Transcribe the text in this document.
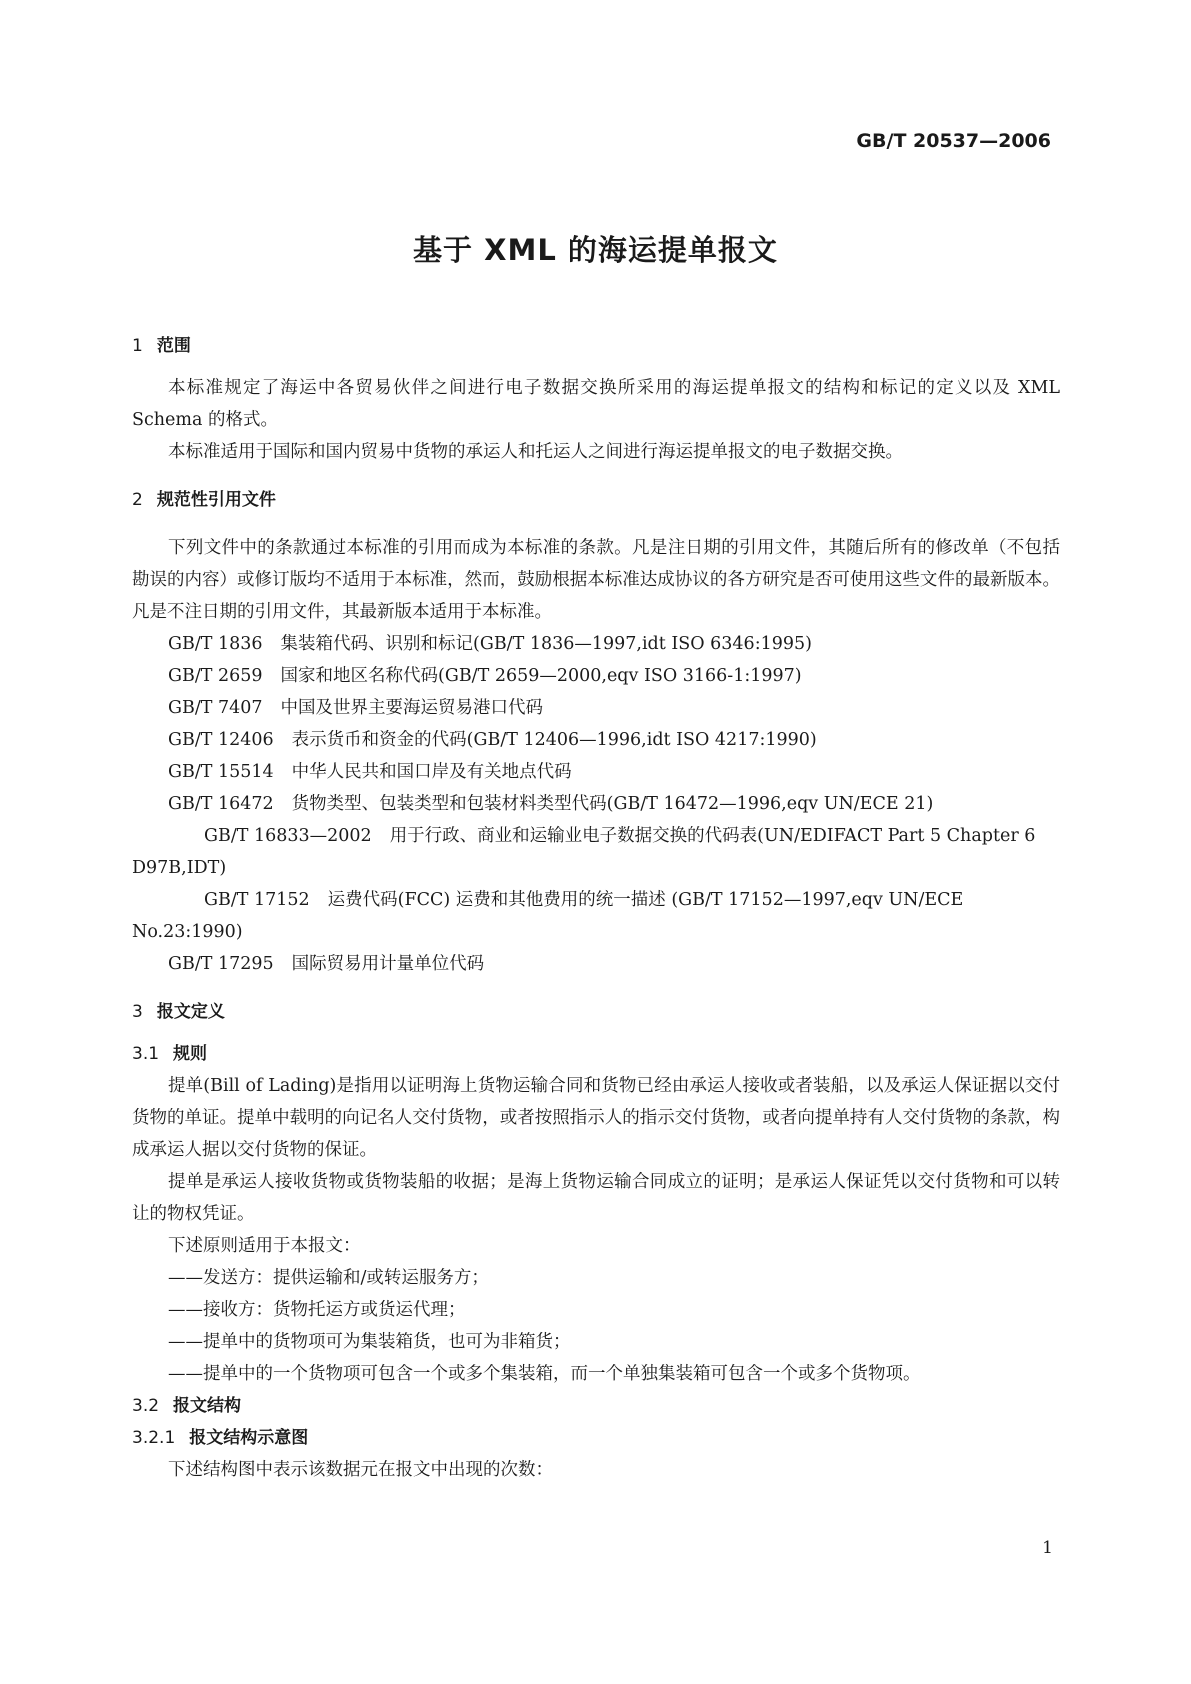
GB/T 20537—2006
基于 XML 的海运提单报文
1 范围
本标准规定了海运中各贸易伙伴之间进行电子数据交换所采用的海运提单报文的结构和标记的定义以及 XML Schema 的格式。
本标准适用于国际和国内贸易中货物的承运人和托运人之间进行海运提单报文的电子数据交换。
2 规范性引用文件
下列文件中的条款通过本标准的引用而成为本标准的条款。凡是注日期的引用文件，其随后所有的修改单（不包括勘误的内容）或修订版均不适用于本标准，然而，鼓励根据本标准达成协议的各方研究是否可使用这些文件的最新版本。凡是不注日期的引用文件，其最新版本适用于本标准。
GB/T 1836 集装箱代码、识别和标记(GB/T 1836—1997,idt ISO 6346:1995)
GB/T 2659 国家和地区名称代码(GB/T 2659—2000,eqv ISO 3166-1:1997)
GB/T 7407 中国及世界主要海运贸易港口代码
GB/T 12406 表示货币和资金的代码(GB/T 12406—1996,idt ISO 4217:1990)
GB/T 15514 中华人民共和国口岸及有关地点代码
GB/T 16472 货物类型、包装类型和包装材料类型代码(GB/T 16472—1996,eqv UN/ECE 21)
GB/T 16833—2002 用于行政、商业和运输业电子数据交换的代码表(UN/EDIFACT Part 5 Chapter 6 D97B,IDT)
GB/T 17152 运费代码(FCC) 运费和其他费用的统一描述 (GB/T 17152—1997,eqv UN/ECE No.23:1990)
GB/T 17295 国际贸易用计量单位代码
3 报文定义
3.1 规则
提单(Bill of Lading)是指用以证明海上货物运输合同和货物已经由承运人接收或者装船，以及承运人保证据以交付货物的单证。提单中载明的向记名人交付货物，或者按照指示人的指示交付货物，或者向提单持有人交付货物的条款，构成承运人据以交付货物的保证。
提单是承运人接收货物或货物装船的收据；是海上货物运输合同成立的证明；是承运人保证凭以交付货物和可以转让的物权凭证。
下述原则适用于本报文：
——发送方：提供运输和/或转运服务方；
——接收方：货物托运方或货运代理；
——提单中的货物项可为集装箱货，也可为非箱货；
——提单中的一个货物项可包含一个或多个集装箱，而一个单独集装箱可包含一个或多个货物项。
3.2 报文结构
3.2.1 报文结构示意图
下述结构图中表示该数据元在报文中出现的次数：
1
